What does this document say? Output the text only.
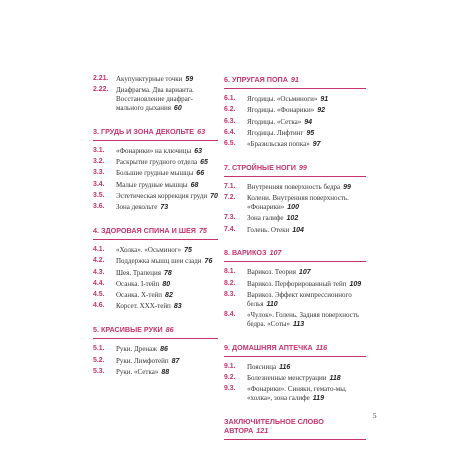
2.21.	Акупунктурные точки 59
2.22.	Диафрагма. Два варианта. Восстановление диафраг-мального дыхания 60
3. ГРУДЬ И ЗОНА ДЕКОЛЬТЕ 63
3.1.	«Фонарики» на ключицы 63
3.2.	Раскрытие грудного отдела 65
3.3.	Большие грудные мышцы 66
3.4.	Малые грудные мышцы 68
3.5.	Эстетическая коррекция груди 70
3.6.	Зона декольте 73
4. ЗДОРОВАЯ СПИНА И ШЕЯ 75
4.1.	«Холка». «Осьминог» 75
4.2.	Поддержка мышц шеи сзади 76
4.3.	Шея. Трапеция 78
4.4.	Осанка. I-тейп 80
4.5.	Осанка. Х-тейп 82
4.6.	Корсет. ХХХ-тейп 83
5. КРАСИВЫЕ РУКИ 86
5.1.	Руки. Дренаж 86
5.2.	Руки. Лимфотейп 87
5.3.	Руки. «Сетка» 88
6. УПРУГАЯ ПОПА 91
6.1.	Ягодицы. «Осьминоги» 91
6.2.	Ягодицы. «Фонарики» 92
6.3.	Ягодицы. «Сетка» 94
6.4.	Ягодицы. Лифтинг 95
6.5.	«Бразильская попка» 97
7. СТРОЙНЫЕ НОГИ 99
7.1.	Внутренняя поверхность бедра 99
7.2.	Колени. Внутренняя поверхность. «Фонарики» 100
7.3.	Зона галифе 102
7.4.	Голень. Отеки 104
8. ВАРИКОЗ 107
8.1.	Варикоз. Теория 107
8.2.	Варикоз. Перфорированный тейп 109
8.3.	Варикоз. Эффект компрессионного белья 110
8.4.	«Чулок». Голень. Задняя поверхность бедра. «Соты» 113
9. ДОМАШНЯЯ АПТЕЧКА 116
9.1.	Поясница 116
9.2.	Болезненные менструации 118
9.3.	«Фонарики». Синяки, гемато-мы, «холка», зона галифе 119
ЗАКЛЮЧИТЕЛЬНОЕ СЛОВО АВТОРА 121
5
